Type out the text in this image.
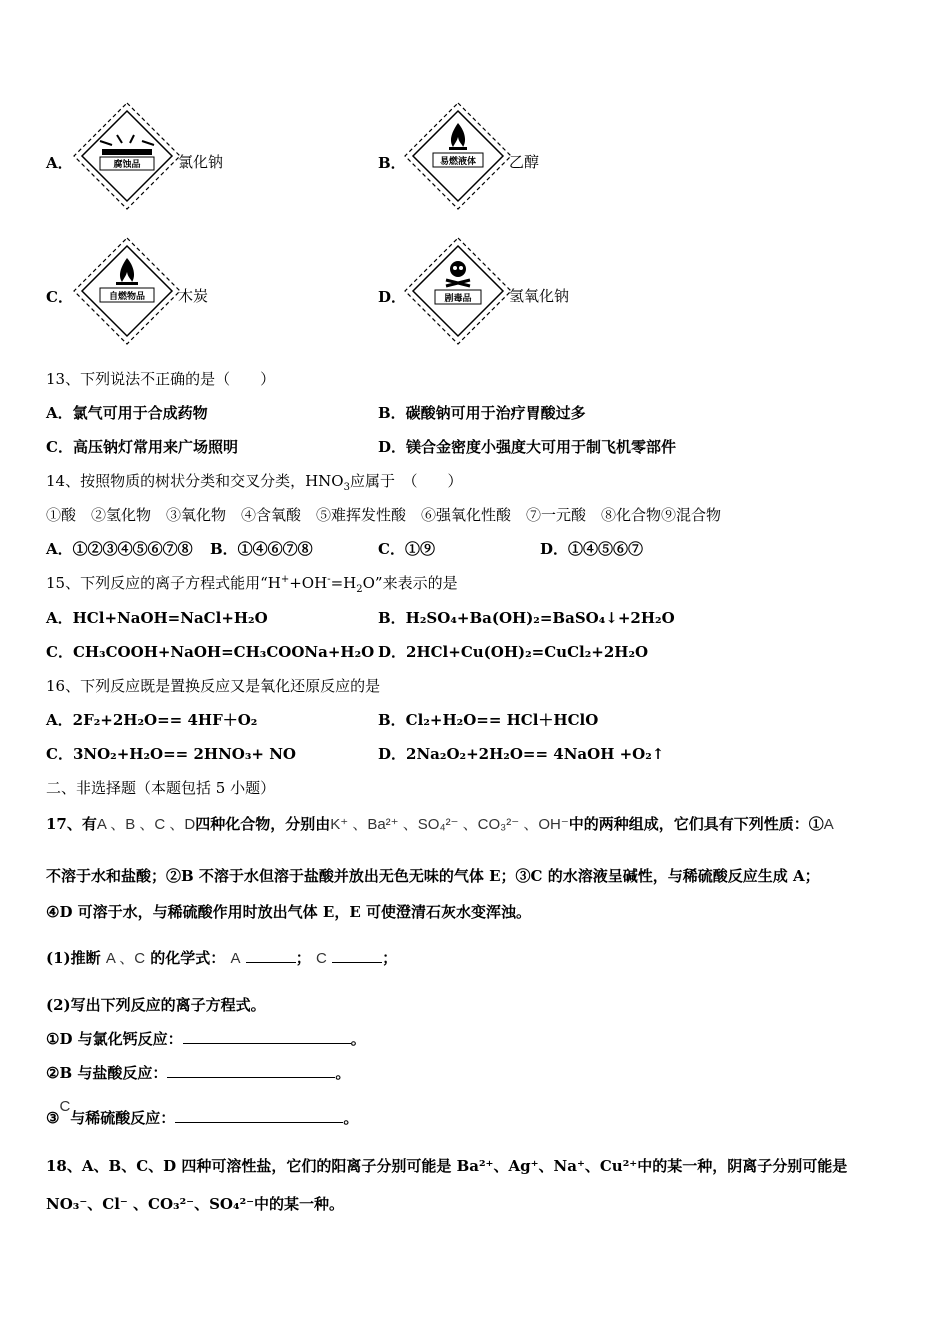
A．	腐蚀品 氯化钠	B．	易燃液体 乙醇
C．	自燃物品 木炭	D．	剧毒品 氢氧化钠
13、下列说法不正确的是（　　）
A．氯气可用于合成药物	B．碳酸钠可用于治疗胃酸过多
C．高压钠灯常用来广场照明	D．镁合金密度小强度大可用于制飞机零部件
14、按照物质的树状分类和交叉分类，$HNO_3$应属于　（　　）
①酸　②氢化物　③氧化物　④含氧酸　⑤难挥发性酸　⑥强氧化性酸　⑦一元酸　⑧化合物⑨混合物
A．①②③④⑤⑥⑦⑧ B．①④⑥⑦⑧	C．①⑨	D．①④⑤⑥⑦
15、下列反应的离子方程式能用“$H^++OH^-=H_2O$”来表示的是
A．HCl+NaOH=NaCl+H₂O	B．H₂SO₄+Ba(OH)₂=BaSO₄↓+2H₂O
C．CH₃COOH+NaOH=CH₃COONa+H₂O D．2HCl+Cu(OH)₂=CuCl₂+2H₂O
16、下列反应既是置换反应又是氧化还原反应的是
A．2F₂+2H₂O== 4HF＋O₂	B．Cl₂+H₂O== HCl＋HClO
C．3NO₂+H₂O== 2HNO₃+ NO	D．2Na₂O₂+2H₂O== 4NaOH +O₂↑
二、非选择题（本题包括 5 小题）
17、有A 、B 、C 、D四种化合物，分别由K⁺ 、Ba²⁺ 、SO₄²⁻ 、CO₃²⁻ 、OH⁻中的两种组成，它们具有下列性质：①A
不溶于水和盐酸；②B 不溶于水但溶于盐酸并放出无色无味的气体 E；③C 的水溶液呈碱性，与稀硫酸反应生成 A；
④D 可溶于水，与稀硫酸作用时放出气体 E，E 可使澄清石灰水变浑浊。
(1)推断 A 、C 的化学式： A	； C	；
(2)写出下列反应的离子方程式。
①D 与氯化钙反应：	。
②B 与盐酸反应：	。
③C与稀硫酸反应：	。
18、A、B、C、D 四种可溶性盐，它们的阳离子分别可能是 Ba²⁺、Ag⁺、Na⁺、Cu²⁺中的某一种，阴离子分别可能是
NO₃⁻、Cl⁻ 、CO₃²⁻、SO₄²⁻中的某一种。
